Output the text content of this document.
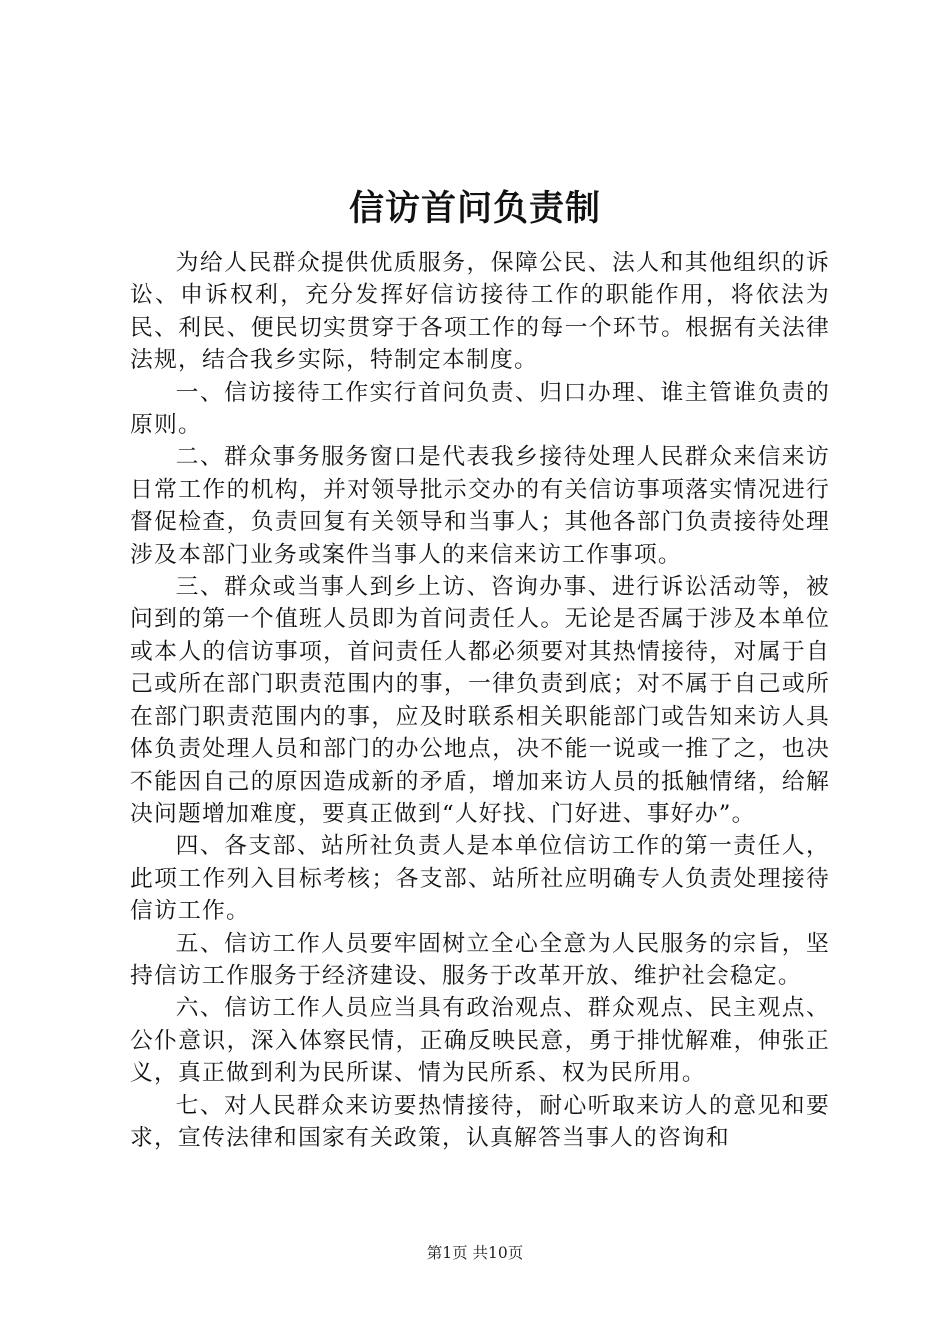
信访首问负责制

为给人民群众提供优质服务，保障公民、法人和其他组织的诉讼、申诉权利，充分发挥好信访接待工作的职能作用，将依法为民、利民、便民切实贯穿于各项工作的每一个环节。根据有关法律法规，结合我乡实际，特制定本制度。

一、信访接待工作实行首问负责、归口办理、谁主管谁负责的原则。

二、群众事务服务窗口是代表我乡接待处理人民群众来信来访日常工作的机构，并对领导批示交办的有关信访事项落实情况进行督促检查，负责回复有关领导和当事人；其他各部门负责接待处理涉及本部门业务或案件当事人的来信来访工作事项。

三、群众或当事人到乡上访、咨询办事、进行诉讼活动等，被问到的第一个值班人员即为首问责任人。无论是否属于涉及本单位或本人的信访事项，首问责任人都必须要对其热情接待，对属于自己或所在部门职责范围内的事，一律负责到底；对不属于自己或所在部门职责范围内的事，应及时联系相关职能部门或告知来访人具体负责处理人员和部门的办公地点，决不能一说或一推了之，也决不能因自己的原因造成新的矛盾，增加来访人员的抵触情绪，给解决问题增加难度，要真正做到“人好找、门好进、事好办”。

四、各支部、站所社负责人是本单位信访工作的第一责任人，此项工作列入目标考核；各支部、站所社应明确专人负责处理接待信访工作。

五、信访工作人员要牢固树立全心全意为人民服务的宗旨，坚持信访工作服务于经济建设、服务于改革开放、维护社会稳定。

六、信访工作人员应当具有政治观点、群众观点、民主观点、公仆意识，深入体察民情，正确反映民意，勇于排忧解难，伸张正义，真正做到利为民所谋、情为民所系、权为民所用。

七、对人民群众来访要热情接待，耐心听取来访人的意见和要求，宣传法律和国家有关政策，认真解答当事人的咨询和

第1页 共10页
